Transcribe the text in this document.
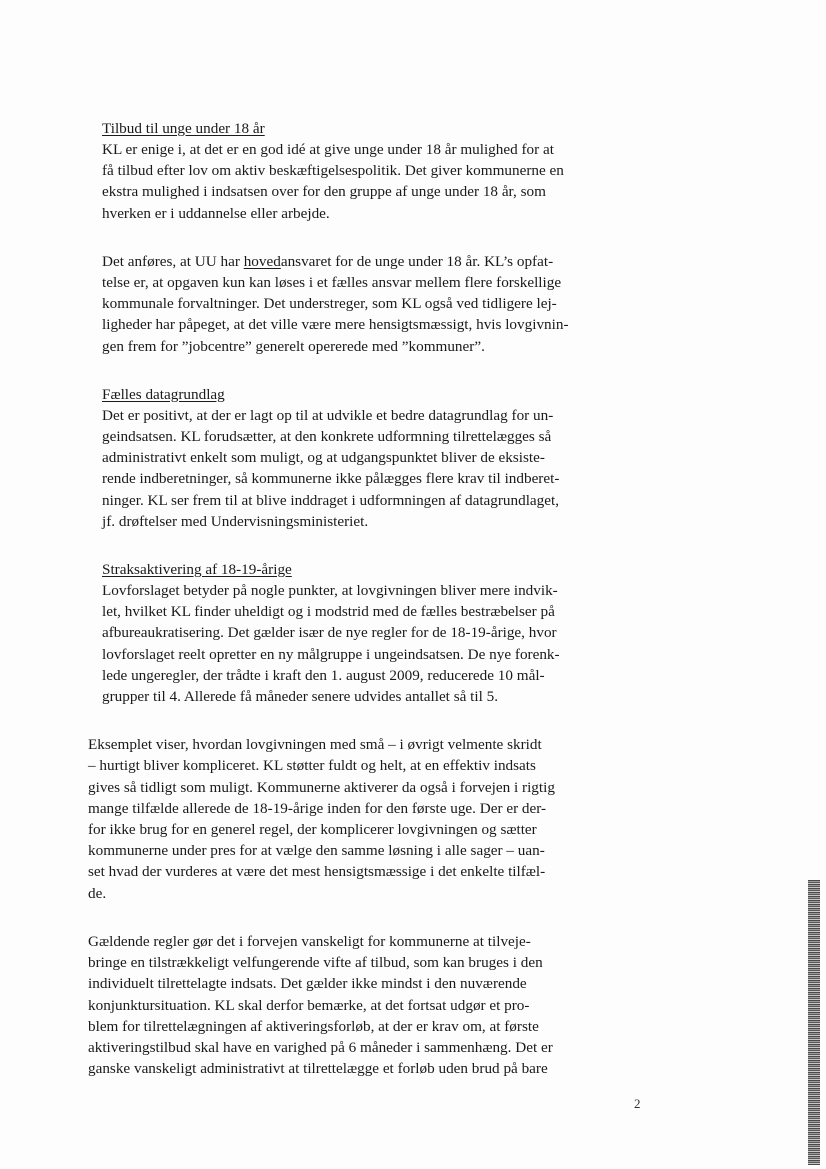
Tilbud til unge under 18 år
KL er enige i, at det er en god idé at give unge under 18 år mulighed for at
få tilbud efter lov om aktiv beskæftigelsespolitik. Det giver kommunerne en
ekstra mulighed i indsatsen over for den gruppe af unge under 18 år, som
hverken er i uddannelse eller arbejde.
Det anføres, at UU har hovedansvaret for de unge under 18 år. KL’s opfat-
telse er, at opgaven kun kan løses i et fælles ansvar mellem flere forskellige
kommunale forvaltninger. Det understreger, som KL også ved tidligere lej-
ligheder har påpeget, at det ville være mere hensigtsmæssigt, hvis lovgivnin-
gen frem for ”jobcentre” generelt opererede med ”kommuner”.
Fælles datagrundlag
Det er positivt, at der er lagt op til at udvikle et bedre datagrundlag for un-
geindsatsen. KL forudsætter, at den konkrete udformning tilrettelægges så
administrativt enkelt som muligt, og at udgangspunktet bliver de eksiste-
rende indberetninger, så kommunerne ikke pålægges flere krav til indberet-
ninger. KL ser frem til at blive inddraget i udformningen af datagrundlaget,
jf. drøftelser med Undervisningsministeriet.
Straksaktivering af 18-19-årige
Lovforslaget betyder på nogle punkter, at lovgivningen bliver mere indvik-
let, hvilket KL finder uheldigt og i modstrid med de fælles bestræbelser på
afbureaukratisering. Det gælder især de nye regler for de 18-19-årige, hvor
lovforslaget reelt opretter en ny målgruppe i ungeindsatsen. De nye forenk-
lede ungeregler, der trådte i kraft den 1. august 2009, reducerede 10 mål-
grupper til 4. Allerede få måneder senere udvides antallet så til 5.
Eksemplet viser, hvordan lovgivningen med små – i øvrigt velmente skridt
– hurtigt bliver kompliceret. KL støtter fuldt og helt, at en effektiv indsats
gives så tidligt som muligt. Kommunerne aktiverer da også i forvejen i rigtig
mange tilfælde allerede de 18-19-årige inden for den første uge. Der er der-
for ikke brug for en generel regel, der komplicerer lovgivningen og sætter
kommunerne under pres for at vælge den samme løsning i alle sager – uan-
set hvad der vurderes at være det mest hensigtsmæssige i det enkelte tilfæl-
de.
Gældende regler gør det i forvejen vanskeligt for kommunerne at tilveje-
bringe en tilstrækkeligt velfungerende vifte af tilbud, som kan bruges i den
individuelt tilrettelagte indsats. Det gælder ikke mindst i den nuværende
konjunktursituation. KL skal derfor bemærke, at det fortsat udgør et pro-
blem for tilrettelægningen af aktiveringsforløb, at der er krav om, at første
aktiveringstilbud skal have en varighed på 6 måneder i sammenhæng. Det er
ganske vanskeligt administrativt at tilrettelægge et forløb uden brud på bare
2
